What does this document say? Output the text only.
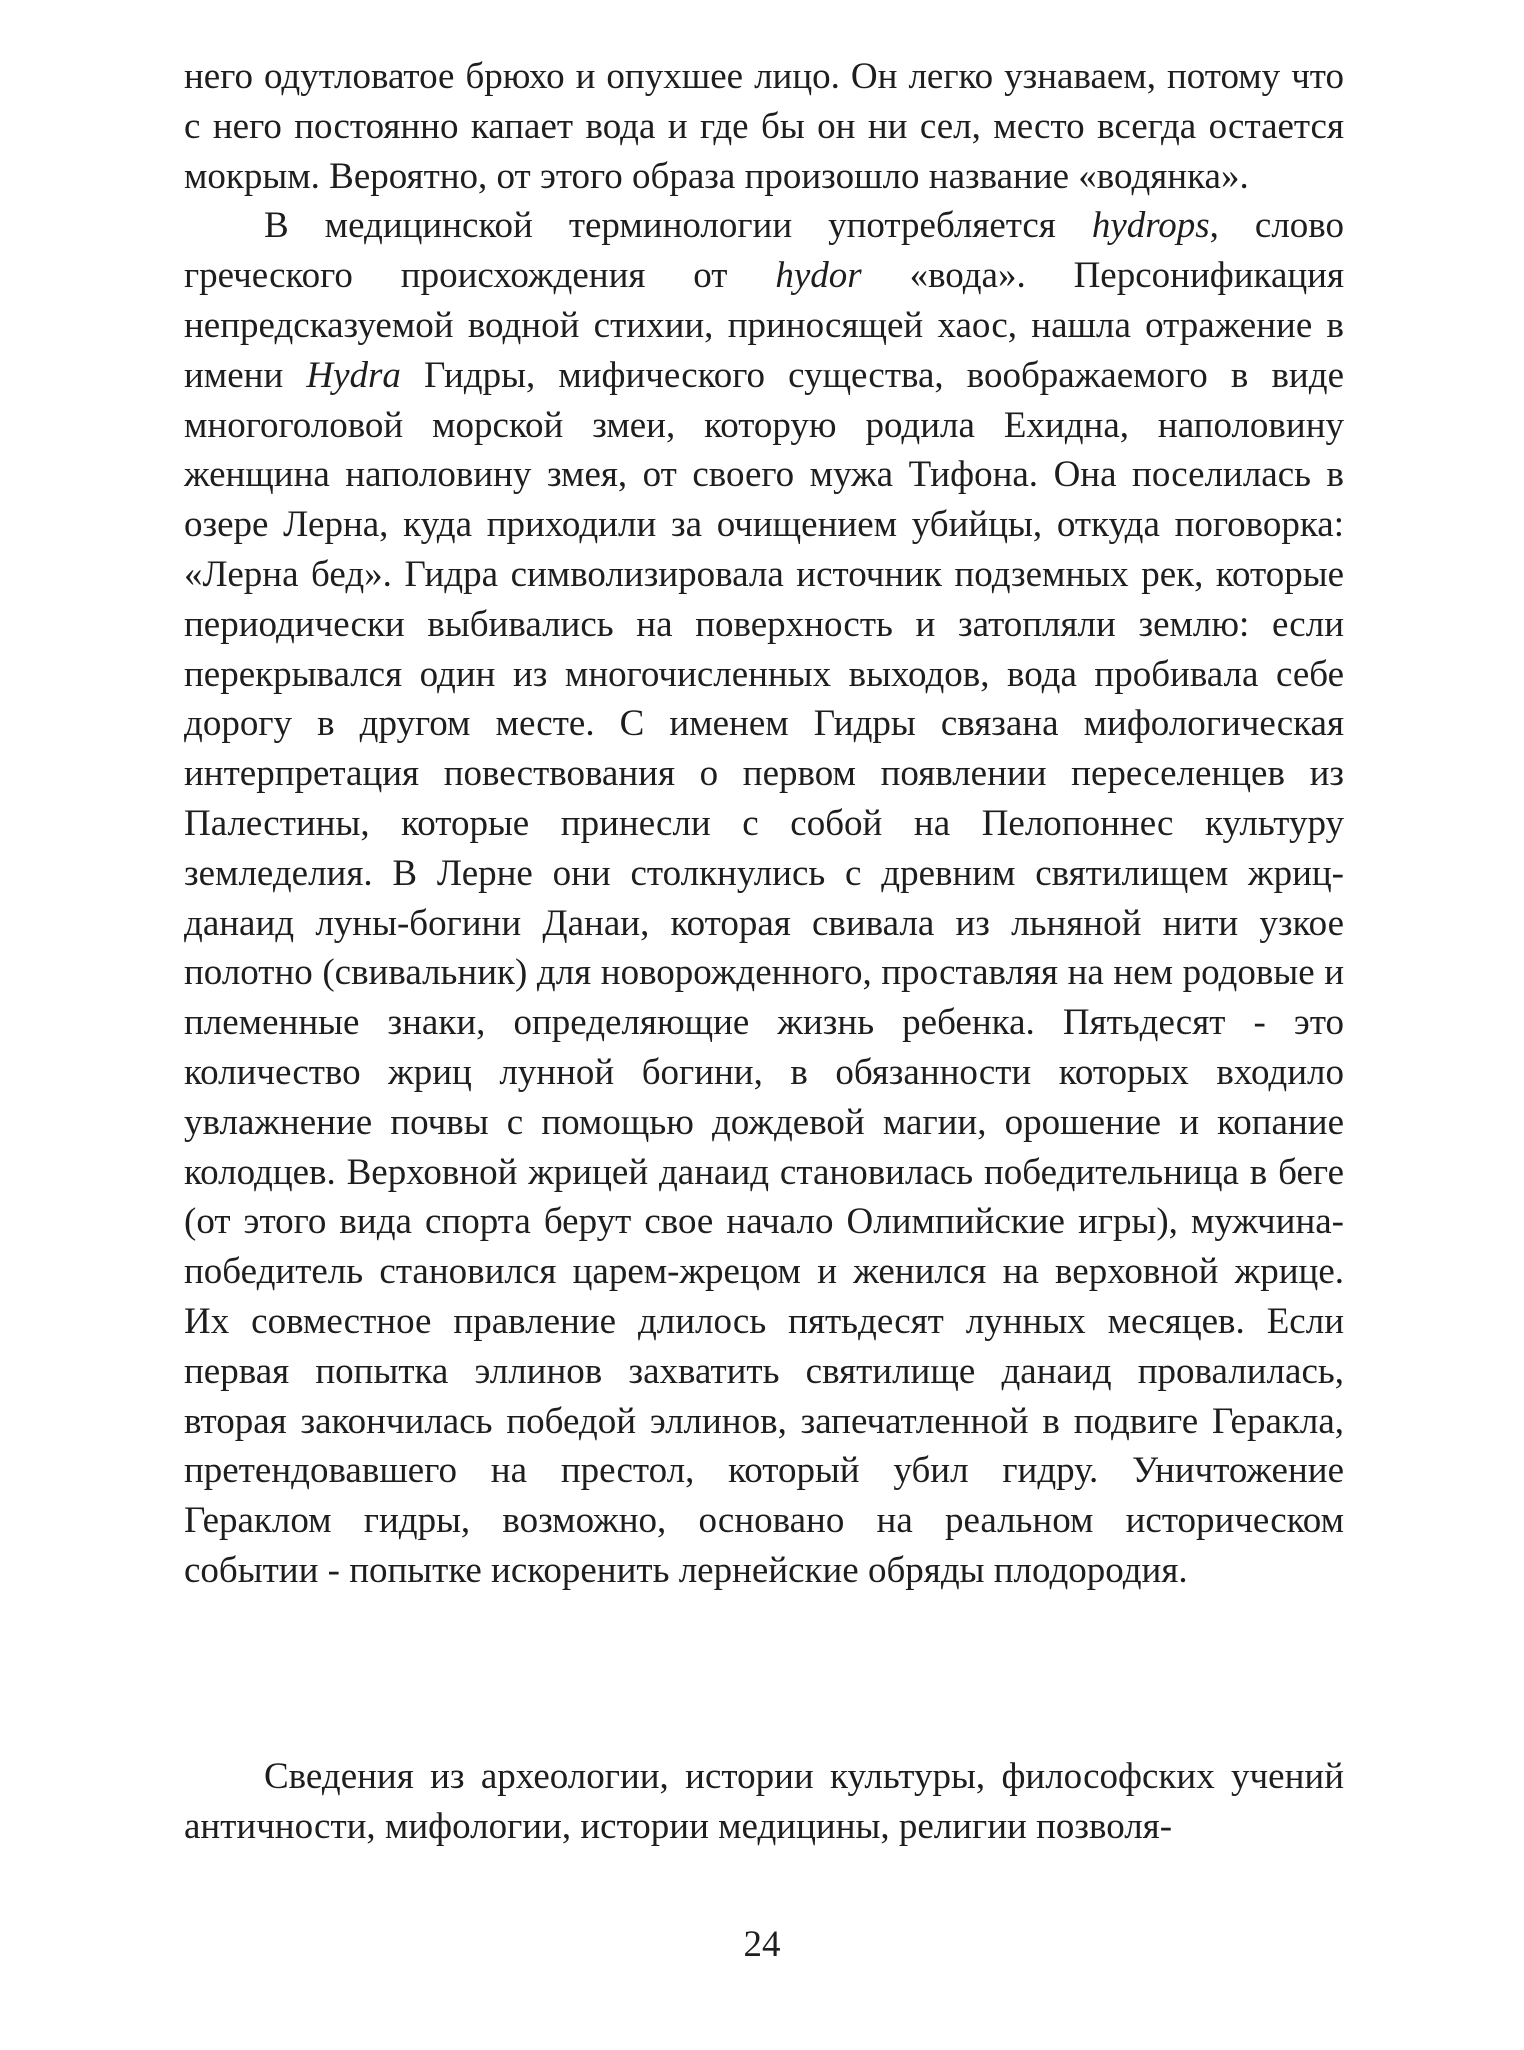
него одутловатое брюхо и опухшее лицо. Он легко узнаваем, потому что с него постоянно капает вода и где бы он ни сел, место всегда остается мокрым. Вероятно, от этого образа произошло название «водянка».

В медицинской терминологии употребляется hydrops, слово греческого происхождения от hydor «вода». Персонификация непредсказуемой водной стихии, приносящей хаос, нашла отражение в имени Hydra Гидры, мифического существа, воображаемого в виде многоголовой морской змеи, которую родила Ехидна, наполовину женщина наполовину змея, от своего мужа Тифона. Она поселилась в озере Лерна, куда приходили за очищением убийцы, откуда поговорка: «Лерна бед». Гидра символизировала источник подземных рек, которые периодически выбивались на поверхность и затопляли землю: если перекрывался один из многочисленных выходов, вода пробивала себе дорогу в другом месте. С именем Гидры связана мифологическая интерпретация повествования о первом появлении переселенцев из Палестины, которые принесли с собой на Пелопоннес культуру земледелия. В Лерне они столкнулись с древним святилищем жриц-данаид луны-богини Данаи, которая свивала из льняной нити узкое полотно (свивальник) для новорожденного, проставляя на нем родовые и племенные знаки, определяющие жизнь ребенка. Пятьдесят - это количество жриц лунной богини, в обязанности которых входило увлажнение почвы с помощью дождевой магии, орошение и копание колодцев. Верховной жрицей данаид становилась победительница в беге (от этого вида спорта берут свое начало Олимпийские игры), мужчина-победитель становился царем-жрецом и женился на верховной жрице. Их совместное правление длилось пятьдесят лунных месяцев. Если первая попытка эллинов захватить святилище данаид провалилась, вторая закончилась победой эллинов, запечатленной в подвиге Геракла, претендовавшего на престол, который убил гидру. Уничтожение Гераклом гидры, возможно, основано на реальном историческом событии - попытке искоренить лернейские обряды плодородия.

Сведения из археологии, истории культуры, философских учений античности, мифологии, истории медицины, религии позволя-

24
